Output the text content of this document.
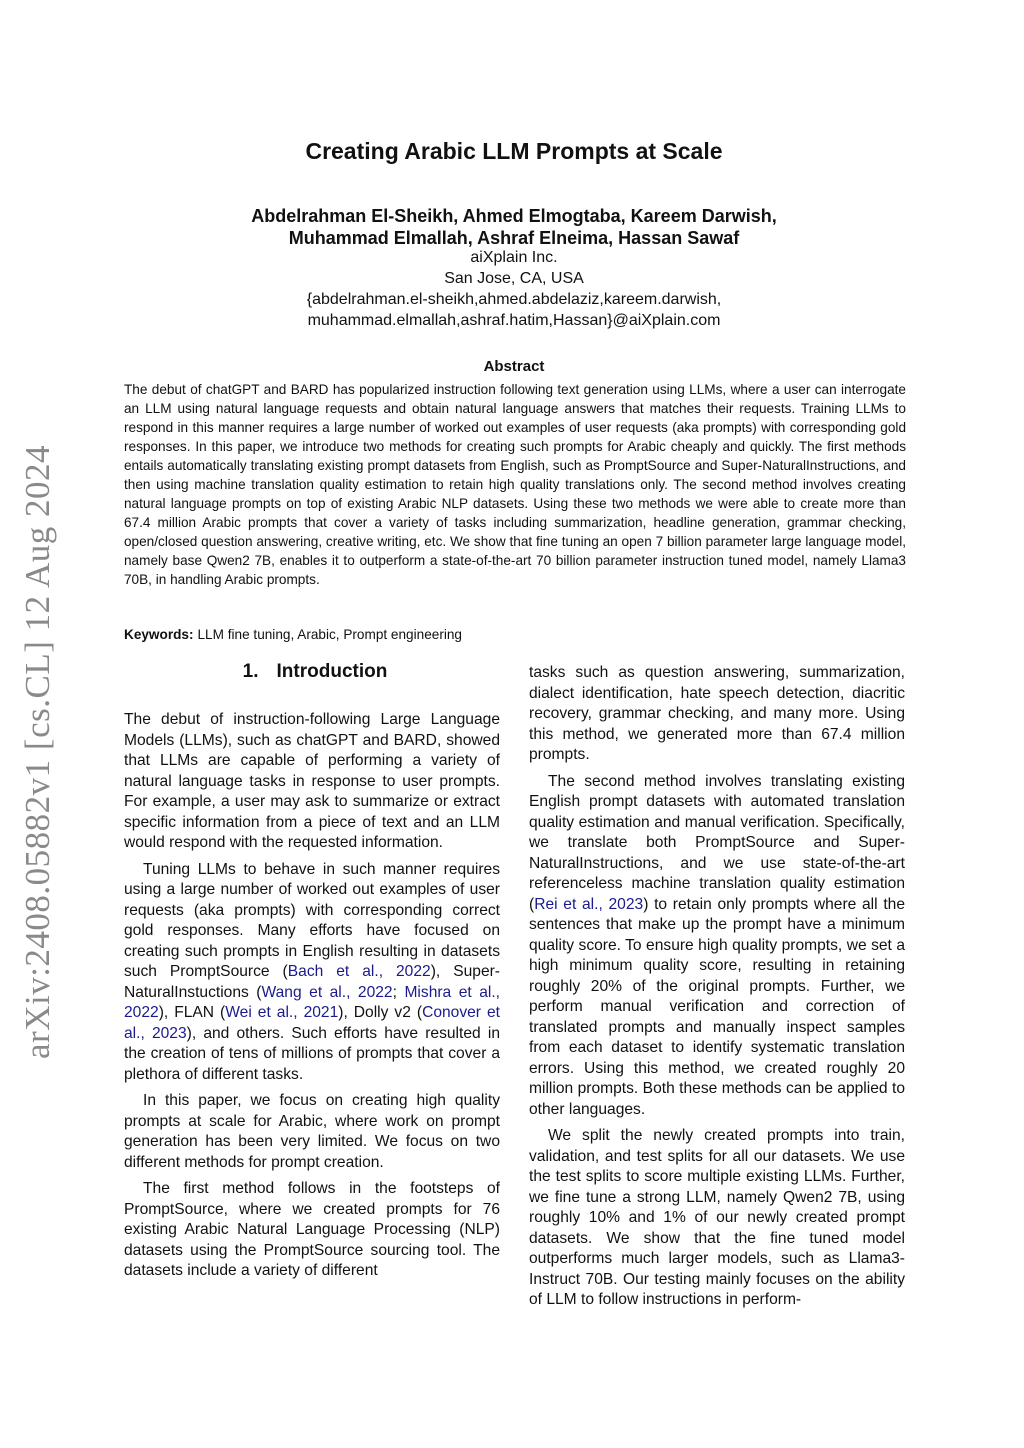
arXiv:2408.05882v1 [cs.CL] 12 Aug 2024
Creating Arabic LLM Prompts at Scale
Abdelrahman El-Sheikh, Ahmed Elmogtaba, Kareem Darwish,
Muhammad Elmallah, Ashraf Elneima, Hassan Sawaf
aiXplain Inc.
San Jose, CA, USA
{abdelrahman.el-sheikh,ahmed.abdelaziz,kareem.darwish,
muhammad.elmallah,ashraf.hatim,Hassan}@aiXplain.com
Abstract
The debut of chatGPT and BARD has popularized instruction following text generation using LLMs, where a user can interrogate an LLM using natural language requests and obtain natural language answers that matches their requests. Training LLMs to respond in this manner requires a large number of worked out examples of user requests (aka prompts) with corresponding gold responses. In this paper, we introduce two methods for creating such prompts for Arabic cheaply and quickly. The first methods entails automatically translating existing prompt datasets from English, such as PromptSource and Super-NaturalInstructions, and then using machine translation quality estimation to retain high quality translations only. The second method involves creating natural language prompts on top of existing Arabic NLP datasets. Using these two methods we were able to create more than 67.4 million Arabic prompts that cover a variety of tasks including summarization, headline generation, grammar checking, open/closed question answering, creative writing, etc. We show that fine tuning an open 7 billion parameter large language model, namely base Qwen2 7B, enables it to outperform a state-of-the-art 70 billion parameter instruction tuned model, namely Llama3 70B, in handling Arabic prompts.
Keywords: LLM fine tuning, Arabic, Prompt engineering
1. Introduction

The debut of instruction-following Large Language Models (LLMs), such as chatGPT and BARD, showed that LLMs are capable of performing a variety of natural language tasks in response to user prompts. For example, a user may ask to summarize or extract specific information from a piece of text and an LLM would respond with the requested information.

Tuning LLMs to behave in such manner requires using a large number of worked out examples of user requests (aka prompts) with corresponding correct gold responses. Many efforts have focused on creating such prompts in English resulting in datasets such PromptSource (Bach et al., 2022), Super-NaturalInstuctions (Wang et al., 2022; Mishra et al., 2022), FLAN (Wei et al., 2021), Dolly v2 (Conover et al., 2023), and others. Such efforts have resulted in the creation of tens of millions of prompts that cover a plethora of different tasks.

In this paper, we focus on creating high quality prompts at scale for Arabic, where work on prompt generation has been very limited. We focus on two different methods for prompt creation.

The first method follows in the footsteps of PromptSource, where we created prompts for 76 existing Arabic Natural Language Processing (NLP) datasets using the PromptSource sourcing tool. The datasets include a variety of different

tasks such as question answering, summarization, dialect identification, hate speech detection, diacritic recovery, grammar checking, and many more. Using this method, we generated more than 67.4 million prompts.

The second method involves translating existing English prompt datasets with automated translation quality estimation and manual verification. Specifically, we translate both PromptSource and Super-NaturalInstructions, and we use state-of-the-art referenceless machine translation quality estimation (Rei et al., 2023) to retain only prompts where all the sentences that make up the prompt have a minimum quality score. To ensure high quality prompts, we set a high minimum quality score, resulting in retaining roughly 20% of the original prompts. Further, we perform manual verification and correction of translated prompts and manually inspect samples from each dataset to identify systematic translation errors. Using this method, we created roughly 20 million prompts. Both these methods can be applied to other languages.

We split the newly created prompts into train, validation, and test splits for all our datasets. We use the test splits to score multiple existing LLMs. Further, we fine tune a strong LLM, namely Qwen2 7B, using roughly 10% and 1% of our newly created prompt datasets. We show that the fine tuned model outperforms much larger models, such as Llama3-Instruct 70B. Our testing mainly focuses on the ability of LLM to follow instructions in perform-
